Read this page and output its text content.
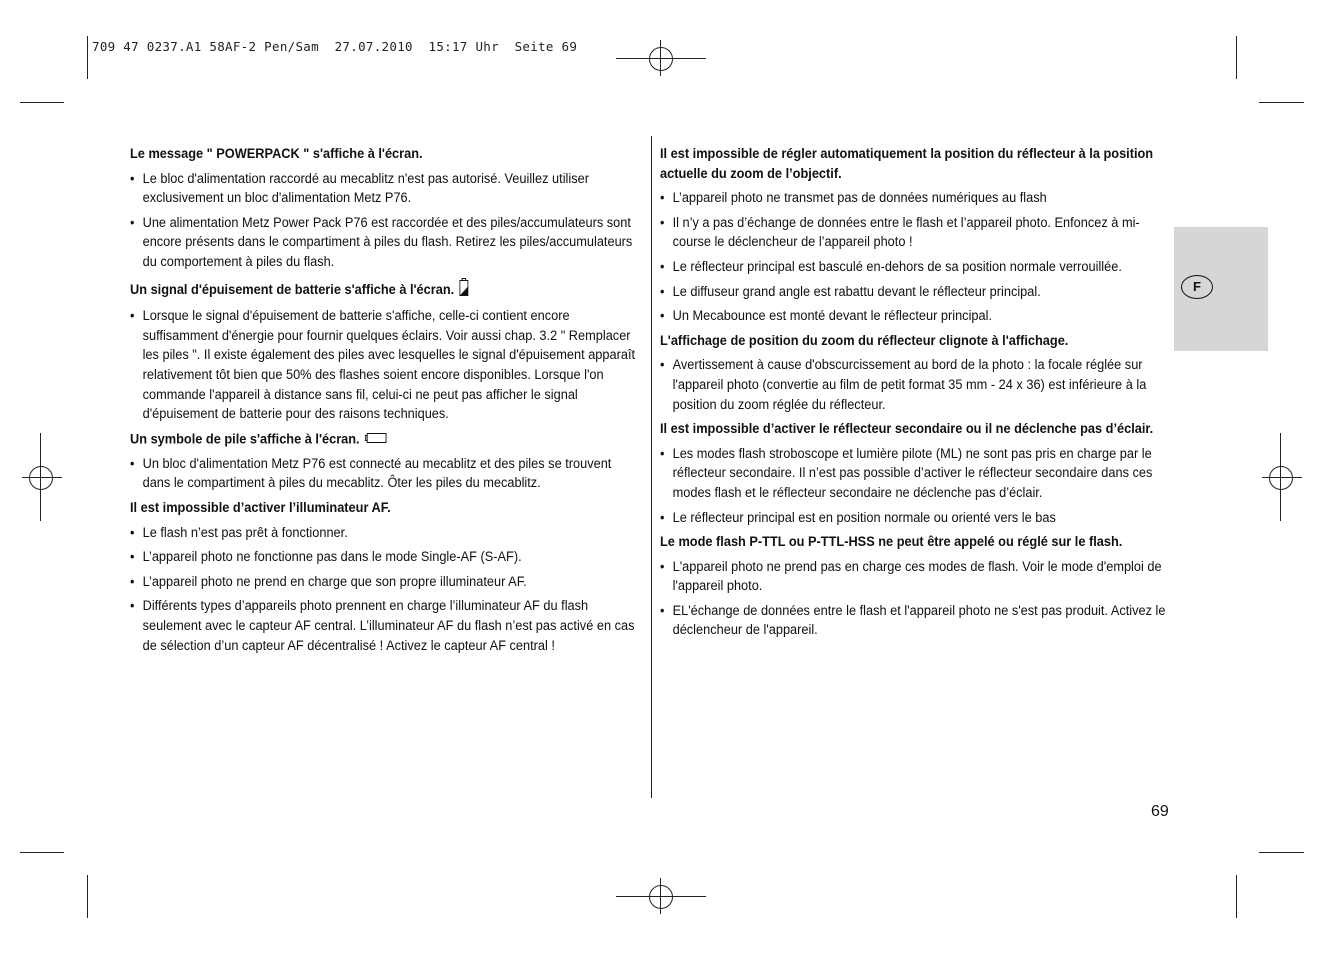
709 47 0237.A1 58AF-2 Pen/Sam  27.07.2010  15:17 Uhr  Seite 69
F

Le message " POWERPACK " s'affiche à l'écran.

• Le bloc d'alimentation raccordé au mecablitz n'est pas autorisé. Veuillez utiliser exclusivement un bloc d'alimentation Metz P76.
• Une alimentation Metz Power Pack P76 est raccordée et des piles/accumulateurs sont encore présents dans le compartiment à piles du flash. Retirez les piles/accumulateurs du comportement à piles du flash.

Un signal d'épuisement de batterie s'affiche à l'écran.

• Lorsque le signal d'épuisement de batterie s'affiche, celle-ci contient encore suffisamment d'énergie pour fournir quelques éclairs. Voir aussi chap. 3.2 " Remplacer les piles ". Il existe également des piles avec lesquelles le signal d'épuisement apparaît relativement tôt bien que 50% des flashes soient encore disponibles. Lorsque l'on commande l'appareil à distance sans fil, celui-ci ne peut pas afficher le signal d'épuisement de batterie pour des raisons techniques.

Un symbole de pile s'affiche à l'écran.

• Un bloc d'alimentation Metz P76 est connecté au mecablitz et des piles se trouvent dans le compartiment à piles du mecablitz. Ôter les piles du mecablitz.

Il est impossible d’activer l’illuminateur AF.

• Le flash n’est pas prêt à fonctionner.
• L’appareil photo ne fonctionne pas dans le mode Single-AF (S-AF).
• L’appareil photo ne prend en charge que son propre illuminateur AF.
• Différents types d’appareils photo prennent en charge l’illuminateur AF du flash seulement avec le capteur AF central. L’illuminateur AF du flash n’est pas activé en cas de sélection d’un capteur AF décentralisé ! Activez le capteur AF central !

Il est impossible de régler automatiquement la position du réflecteur à la position actuelle du zoom de l’objectif.

• L’appareil photo ne transmet pas de données numériques au flash
• Il n’y a pas d’échange de données entre le flash et l’appareil photo. Enfoncez à mi-course le déclencheur de l’appareil photo !
• Le réflecteur principal est basculé en-dehors de sa position normale verrouillée.
• Le diffuseur grand angle est rabattu devant le réflecteur principal.
• Un Mecabounce est monté devant le réflecteur principal.

L'affichage de position du zoom du réflecteur clignote à l'affichage.

• Avertissement à cause d'obscurcissement au bord de la photo : la focale réglée sur l'appareil photo (convertie au film de petit format 35 mm - 24 x 36) est inférieure à la position du zoom réglée du réflecteur.

Il est impossible d’activer le réflecteur secondaire ou il ne déclenche pas d’éclair.

• Les modes flash stroboscope et lumière pilote (ML) ne sont pas pris en charge par le réflecteur secondaire. Il n’est pas possible d’activer le réflecteur secondaire dans ces modes flash et le réflecteur secondaire ne déclenche pas d’éclair.
• Le réflecteur principal est en position normale ou orienté vers le bas

Le mode flash P-TTL ou P-TTL-HSS ne peut être appelé ou réglé sur le flash.

• L'appareil photo ne prend pas en charge ces modes de flash. Voir le mode d'emploi de l'appareil photo.
• EL'échange de données entre le flash et l'appareil photo ne s'est pas produit. Activez le déclencheur de l'appareil.
69
